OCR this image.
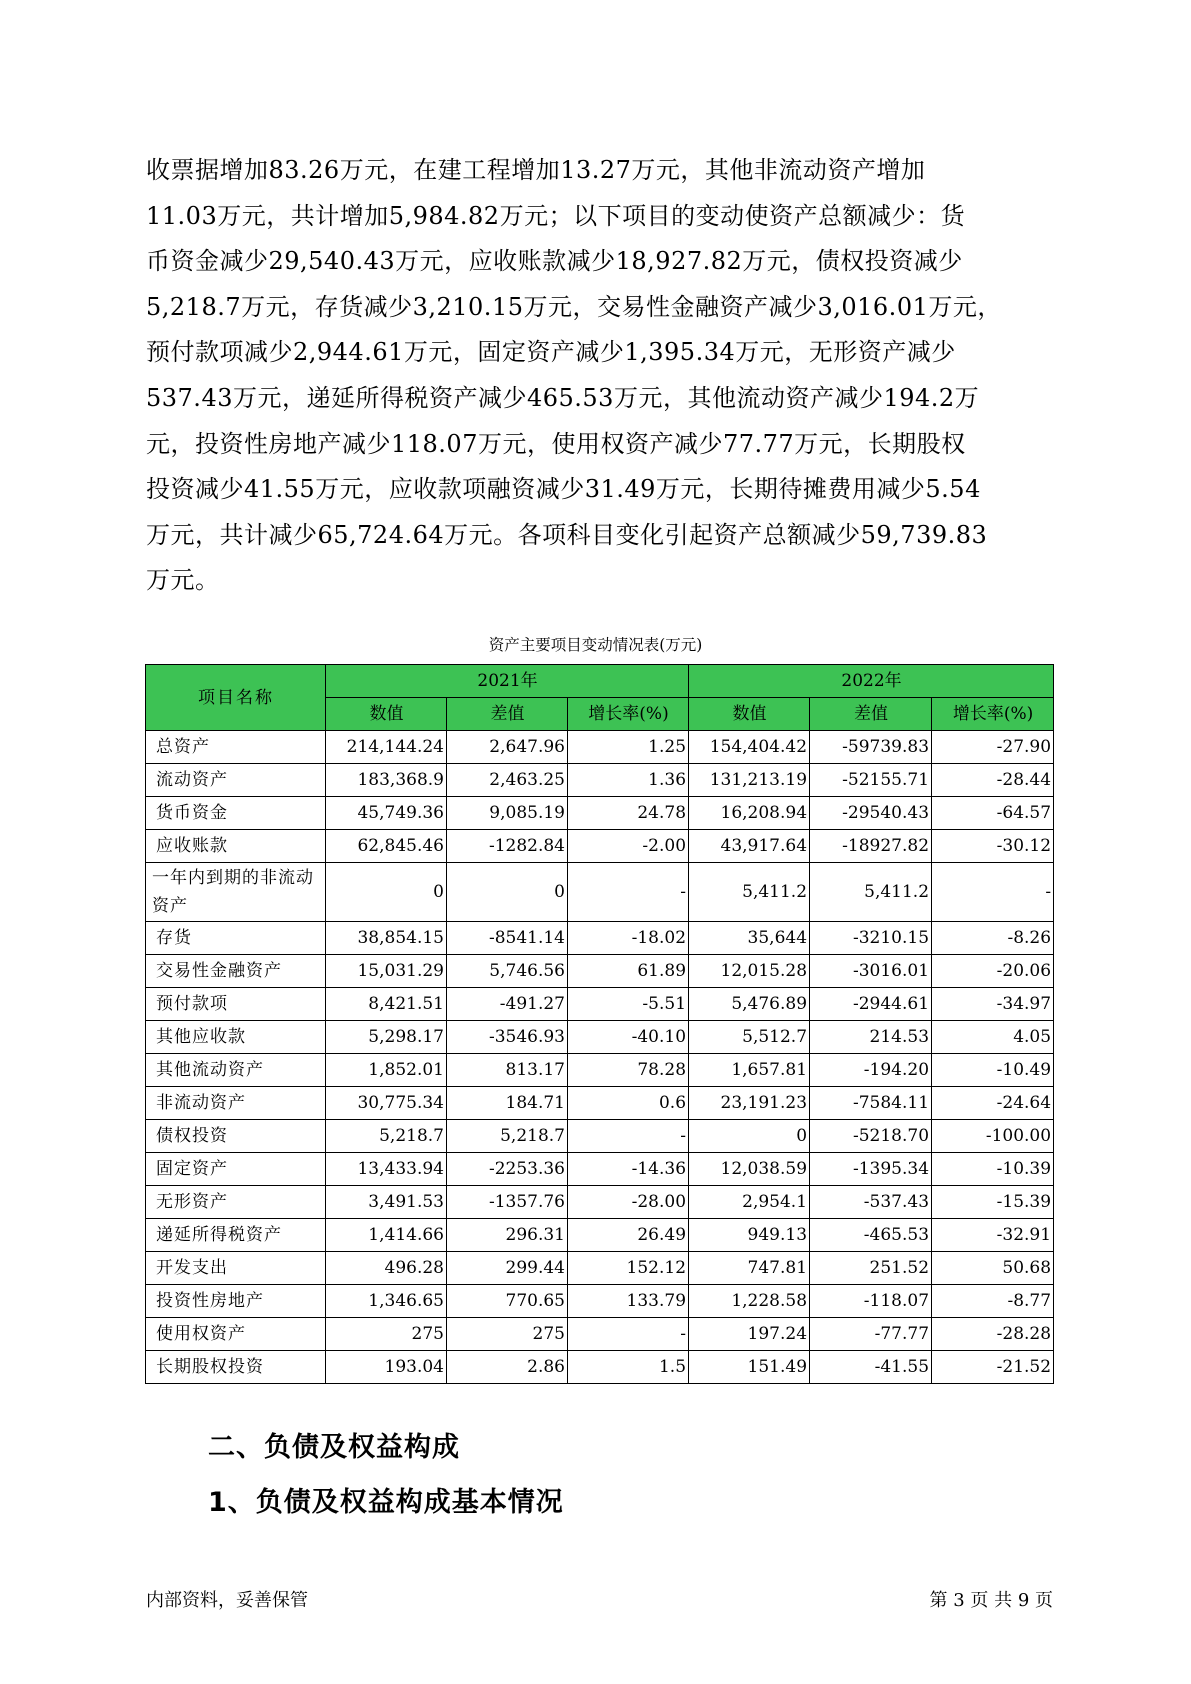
收票据增加83.26万元，在建工程增加13.27万元，其他非流动资产增加
11.03万元，共计增加5,984.82万元；以下项目的变动使资产总额减少：货
币资金减少29,540.43万元，应收账款减少18,927.82万元，债权投资减少
5,218.7万元，存货减少3,210.15万元，交易性金融资产减少3,016.01万元，
预付款项减少2,944.61万元，固定资产减少1,395.34万元，无形资产减少
537.43万元，递延所得税资产减少465.53万元，其他流动资产减少194.2万
元，投资性房地产减少118.07万元，使用权资产减少77.77万元，长期股权
投资减少41.55万元，应收款项融资减少31.49万元，长期待摊费用减少5.54
万元，共计减少65,724.64万元。各项科目变化引起资产总额减少59,739.83
万元。
资产主要项目变动情况表(万元)
项目名称	2021年			2022年		
	数值	差值	增长率(%)	数值	差值	增长率(%)
总资产	214,144.24	2,647.96	1.25	154,404.42	-59739.83	-27.90
流动资产	183,368.9	2,463.25	1.36	131,213.19	-52155.71	-28.44
货币资金	45,749.36	9,085.19	24.78	16,208.94	-29540.43	-64.57
应收账款	62,845.46	-1282.84	-2.00	43,917.64	-18927.82	-30.12
一年内到期的非流动资产	0	0	-	5,411.2	5,411.2	-
存货	38,854.15	-8541.14	-18.02	35,644	-3210.15	-8.26
交易性金融资产	15,031.29	5,746.56	61.89	12,015.28	-3016.01	-20.06
预付款项	8,421.51	-491.27	-5.51	5,476.89	-2944.61	-34.97
其他应收款	5,298.17	-3546.93	-40.10	5,512.7	214.53	4.05
其他流动资产	1,852.01	813.17	78.28	1,657.81	-194.20	-10.49
非流动资产	30,775.34	184.71	0.6	23,191.23	-7584.11	-24.64
债权投资	5,218.7	5,218.7	-	0	-5218.70	-100.00
固定资产	13,433.94	-2253.36	-14.36	12,038.59	-1395.34	-10.39
无形资产	3,491.53	-1357.76	-28.00	2,954.1	-537.43	-15.39
递延所得税资产	1,414.66	296.31	26.49	949.13	-465.53	-32.91
开发支出	496.28	299.44	152.12	747.81	251.52	50.68
投资性房地产	1,346.65	770.65	133.79	1,228.58	-118.07	-8.77
使用权资产	275	275	-	197.24	-77.77	-28.28
长期股权投资	193.04	2.86	1.5	151.49	-41.55	-21.52
二、负债及权益构成
1、负债及权益构成基本情况
内部资料，妥善保管	第 3 页 共 9 页
